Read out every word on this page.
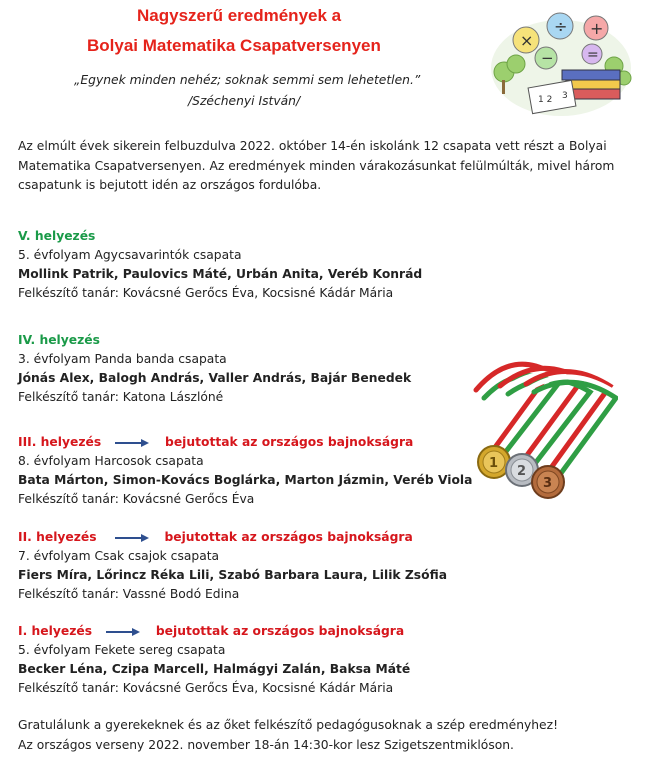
Nagyszerű eredmények a
Bolyai Matematika Csapatversenyen
„Egynek minden nehéz; soknak semmi sem lehetetlen.”
/Széchenyi István/	1 2 3
×
÷ +
− =
Az elmúlt évek sikerein felbuzdulva 2022. október 14-én iskolánk 12 csapata vett részt a Bolyai Matematika Csapatversenyen. Az eredmények minden várakozásunkat felülmúlták, mivel három csapatunk is bejutott idén az országos fordulóba.
V. helyezés
5. évfolyam Agycsavarintók csapata
Mollink Patrik, Paulovics Máté, Urbán Anita, Veréb Konrád
Felkészítő tanár: Kovácsné Gerőcs Éva, Kocsisné Kádár Mária
IV. helyezés
3. évfolyam Panda banda csapata
Jónás Alex, Balogh András, Valler András, Bajár Benedek
Felkészítő tanár: Katona Lászlóné
III. helyezés	bejutottak az országos bajnokságra
8. évfolyam Harcosok csapata
Bata Márton, Simon-Kovács Boglárka, Marton Jázmin, Veréb Viola
Felkészítő tanár: Kovácsné Gerőcs Éva
II. helyezés	bejutottak az országos bajnokságra
7. évfolyam Csak csajok csapata
Fiers Míra, Lőrincz Réka Lili, Szabó Barbara Laura, Lilik Zsófia
Felkészítő tanár: Vassné Bodó Edina
I. helyezés	bejutottak az országos bajnokságra
5. évfolyam Fekete sereg csapata
Becker Léna, Czipa Marcell, Halmágyi Zalán, Baksa Máté
Felkészítő tanár: Kovácsné Gerőcs Éva, Kocsisné Kádár Mária
1
2
3
Gratulálunk a gyerekeknek és az őket felkészítő pedagógusoknak a szép eredményhez!
Az országos verseny 2022. november 18-án 14:30-kor lesz Szigetszentmiklóson.
